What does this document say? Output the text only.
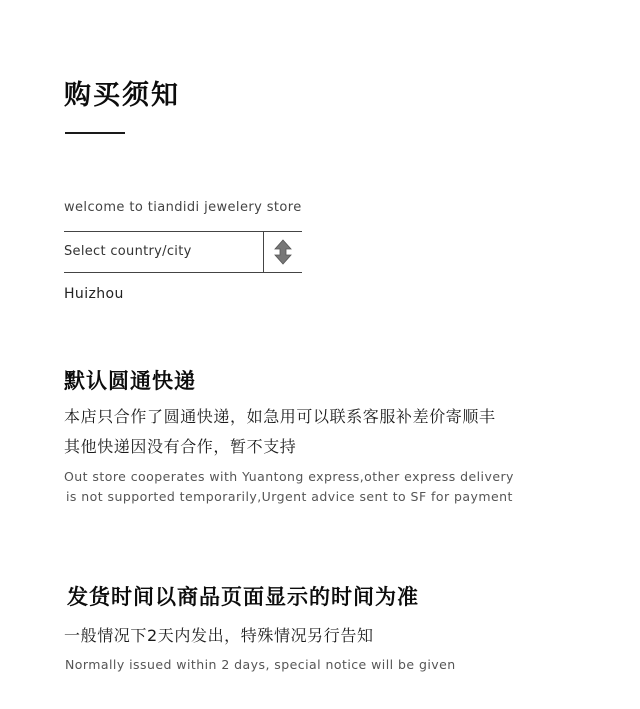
购买须知
welcome to tiandidi jewelery store
Select country/city
Huizhou
默认圆通快递
本店只合作了圆通快递，如急用可以联系客服补差价寄顺丰
其他快递因没有合作，暂不支持
Out store cooperates with Yuantong express,other express delivery
is not supported temporarily,Urgent advice sent to SF for payment
发货时间以商品页面显示的时间为准
一般情况下2天内发出，特殊情况另行告知
Normally issued within 2 days, special notice will be given
